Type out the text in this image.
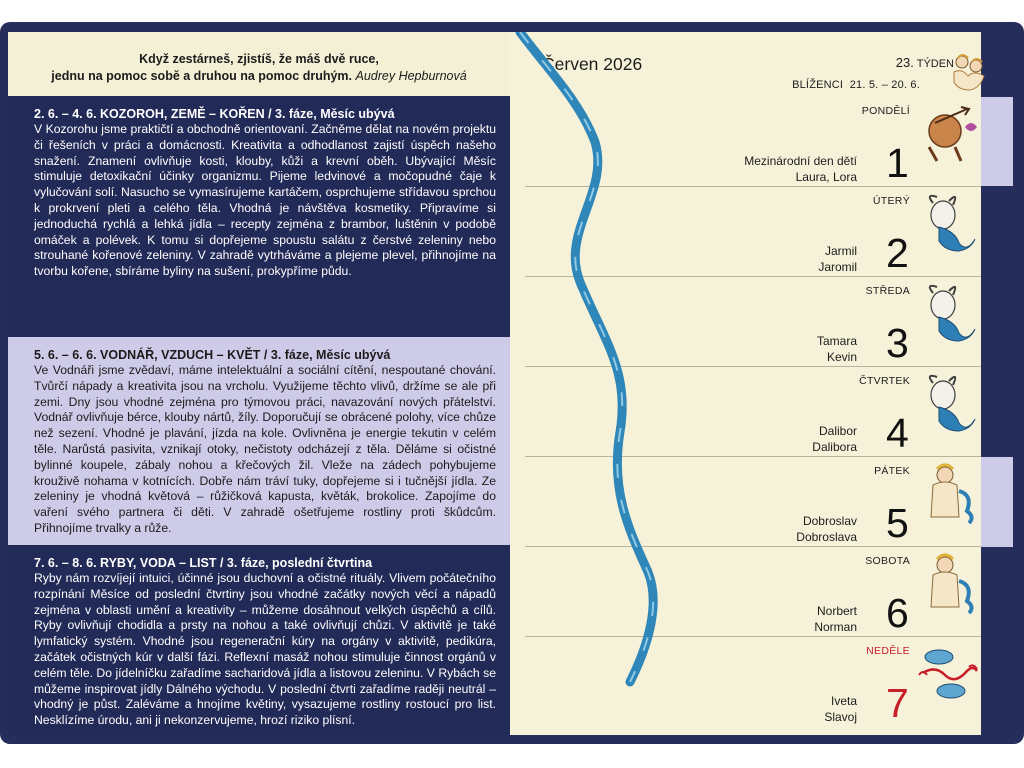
Když zestárneš, zjistíš, že máš dvě ruce,
jednu na pomoc sobě a druhou na pomoc druhým. Audrey Hepburnová
2. 6. – 4. 6. KOZOROH, ZEMĚ – KOŘEN / 3. fáze, Měsíc ubývá

V Kozorohu jsme praktičtí a obchodně orientovaní. Začněme dělat na novém projektu či řešeních v práci a domácnosti. Kreativita a odhodlanost zajistí úspěch našeho snažení. Znamení ovlivňuje kosti, klouby, kůži a krevní oběh. Ubývající Měsíc stimuluje detoxikační účinky organizmu. Pijeme ledvinové a močopudné čaje k vylučování solí. Nasucho se vymasírujeme kartáčem, osprchujeme střídavou sprchou k prokrvení pleti a celého těla. Vhodná je návštěva kosmetiky. Připravíme si jednoduchá rychlá a lehká jídla – recepty zejména z brambor, luštěnin v podobě omáček a polévek. K tomu si dopřejeme spoustu salátu z čerstvé zeleniny nebo strouhané kořenové zeleniny. V zahradě vytrháváme a plejeme plevel, přihnojíme na tvorbu kořene, sbíráme byliny na sušení, prokypříme půdu.

5. 6. – 6. 6. VODNÁŘ, VZDUCH – KVĚT / 3. fáze, Měsíc ubývá

Ve Vodnáři jsme zvědaví, máme intelektuální a sociální cítění, nespoutané chování. Tvůrčí nápady a kreativita jsou na vrcholu. Využijeme těchto vlivů, držíme se ale při zemi. Dny jsou vhodné zejména pro týmovou práci, navazování nových přátelství. Vodnář ovlivňuje bérce, klouby nártů, žíly. Doporučují se obrácené polohy, více chůze než sezení. Vhodné je plavání, jízda na kole. Ovlivněna je energie tekutin v celém těle. Narůstá pasivita, vznikají otoky, nečistoty odcházejí z těla. Děláme si očistné bylinné koupele, zábaly nohou a křečových žil. Vleže na zádech pohybujeme krouživě nohama v kotnících. Dobře nám tráví tuky, dopřejeme si i tučnější jídla. Ze zeleniny je vhodná květová – růžičková kapusta, květák, brokolice. Zapojíme do vaření svého partnera či děti. V zahradě ošetřujeme rostliny proti škůdcům. Přihnojíme trvalky a růže.

7. 6. – 8. 6. RYBY, VODA – LIST / 3. fáze, poslední čtvrtina

Ryby nám rozvíjejí intuici, účinné jsou duchovní a očistné rituály. Vlivem počátečního rozpínání Měsíce od poslední čtvrtiny jsou vhodné začátky nových věcí a nápadů zejména v oblasti umění a kreativity – můžeme dosáhnout velkých úspěchů a cílů. Ryby ovlivňují chodidla a prsty na nohou a také ovlivňují chůzi. V aktivitě je také lymfatický systém. Vhodné jsou regenerační kúry na orgány v aktivitě, pedikúra, začátek očistných kúr v další fázi. Reflexní masáž nohou stimuluje činnost orgánů v celém těle. Do jídelníčku zařadíme sacharidová jídla a listovou zeleninu. V Rybách se můžeme inspirovat jídly Dálného východu. V poslední čtvrti zařadíme raději neutrál – vhodný je půst. Zaléváme a hnojíme květiny, vysazujeme rostliny rostoucí pro list. Nesklízíme úrodu, ani ji nekonzervujeme, hrozí riziko plísní.

Červen 2026	23. TÝDEN
BLÍŽENCI 21. 5. – 20. 6.
PONDĚLÍ
Mezinárodní den dětí
Laura, Lora 1
ÚTERÝ
Jarmil
Jaromil 2
STŘEDA
Tamara
Kevin 3
ČTVRTEK
Dalibor
Dalibora 4
PÁTEK
Dobroslav
Dobroslava 5
SOBOTA
Norbert
Norman 6
NEDĚLE
Iveta
Slavoj 7
